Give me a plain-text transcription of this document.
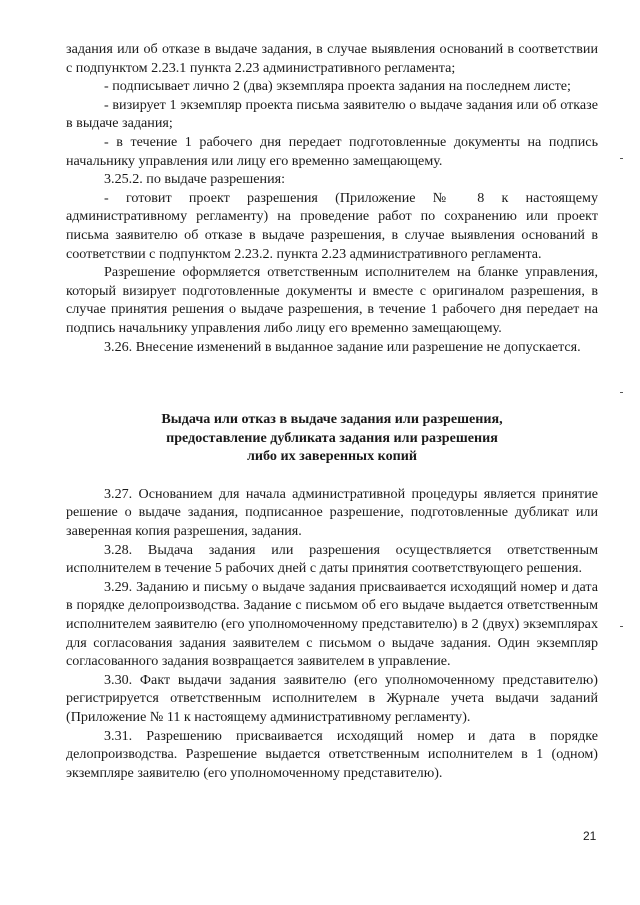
задания или об отказе в выдаче задания, в случае выявления оснований в соответствии с подпунктом 2.23.1 пункта 2.23 административного регламента;

- подписывает лично 2 (два) экземпляра проекта задания на последнем листе;

- визирует 1 экземпляр проекта письма заявителю о выдаче задания или об отказе в выдаче задания;

- в течение 1 рабочего дня передает подготовленные документы на подпись начальнику управления или лицу его временно замещающему.

3.25.2. по выдаче разрешения:

- готовит проект разрешения (Приложение № 8 к настоящему административному регламенту) на проведение работ по сохранению или проект письма заявителю об отказе в выдаче разрешения, в случае выявления оснований в соответствии с подпунктом 2.23.2. пункта 2.23 административного регламента.

Разрешение оформляется ответственным исполнителем на бланке управления, который визирует подготовленные документы и вместе с оригиналом разрешения, в случае принятия решения о выдаче разрешения, в течение 1 рабочего дня передает на подпись начальнику управления либо лицу его временно замещающему.

3.26. Внесение изменений в выданное задание или разрешение не допускается.

Выдача или отказ в выдаче задания или разрешения,
предоставление дубликата задания или разрешения
либо их заверенных копий

3.27. Основанием для начала административной процедуры является принятие решение о выдаче задания, подписанное разрешение, подготовленные дубликат или заверенная копия разрешения, задания.

3.28. Выдача задания или разрешения осуществляется ответственным исполнителем в течение 5 рабочих дней с даты принятия соответствующего решения.

3.29. Заданию и письму о выдаче задания присваивается исходящий номер и дата в порядке делопроизводства. Задание с письмом об его выдаче выдается ответственным исполнителем заявителю (его уполномоченному представителю) в 2 (двух) экземплярах для согласования задания заявителем с письмом о выдаче задания. Один экземпляр согласованного задания возвращается заявителем в управление.

3.30. Факт выдачи задания заявителю (его уполномоченному представителю) регистрируется ответственным исполнителем в Журнале учета выдачи заданий (Приложение № 11 к настоящему административному регламенту).

3.31. Разрешению присваивается исходящий номер и дата в порядке делопроизводства. Разрешение выдается ответственным исполнителем в 1 (одном) экземпляре заявителю (его уполномоченному представителю).

21
